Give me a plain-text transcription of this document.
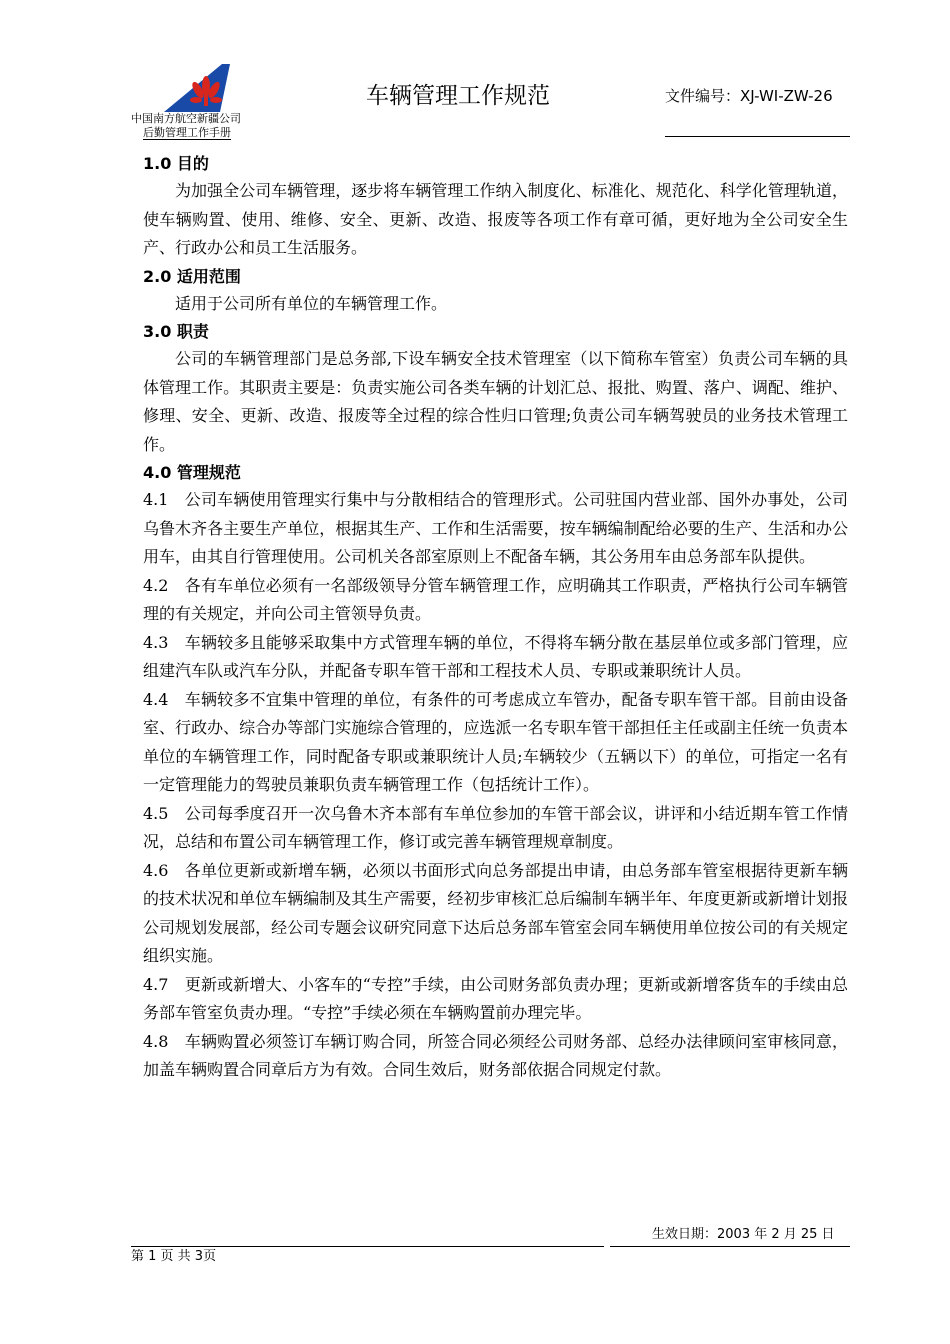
中国南方航空新疆公司
后勤管理工作手册
车辆管理工作规范	文件编号：XJ-WI-ZW-26
1.0 目的

为加强全公司车辆管理，逐步将车辆管理工作纳入制度化、标准化、规范化、科学化管理轨道，使车辆购置、使用、维修、安全、更新、改造、报废等各项工作有章可循，更好地为全公司安全生产、行政办公和员工生活服务。

2.0 适用范围

适用于公司所有单位的车辆管理工作。

3.0 职责

公司的车辆管理部门是总务部,下设车辆安全技术管理室（以下简称车管室）负责公司车辆的具体管理工作。其职责主要是：负责实施公司各类车辆的计划汇总、报批、购置、落户、调配、维护、修理、安全、更新、改造、报废等全过程的综合性归口管理;负责公司车辆驾驶员的业务技术管理工作。

4.0 管理规范

4.1　公司车辆使用管理实行集中与分散相结合的管理形式。公司驻国内营业部、国外办事处，公司乌鲁木齐各主要生产单位，根据其生产、工作和生活需要，按车辆编制配给必要的生产、生活和办公用车，由其自行管理使用。公司机关各部室原则上不配备车辆，其公务用车由总务部车队提供。

4.2　各有车单位必须有一名部级领导分管车辆管理工作，应明确其工作职责，严格执行公司车辆管理的有关规定，并向公司主管领导负责。

4.3　车辆较多且能够采取集中方式管理车辆的单位，不得将车辆分散在基层单位或多部门管理，应组建汽车队或汽车分队，并配备专职车管干部和工程技术人员、专职或兼职统计人员。

4.4　车辆较多不宜集中管理的单位，有条件的可考虑成立车管办，配备专职车管干部。目前由设备室、行政办、综合办等部门实施综合管理的，应选派一名专职车管干部担任主任或副主任统一负责本单位的车辆管理工作，同时配备专职或兼职统计人员;车辆较少（五辆以下）的单位，可指定一名有一定管理能力的驾驶员兼职负责车辆管理工作（包括统计工作）。

4.5　公司每季度召开一次乌鲁木齐本部有车单位参加的车管干部会议，讲评和小结近期车管工作情况，总结和布置公司车辆管理工作，修订或完善车辆管理规章制度。

4.6　各单位更新或新增车辆，必须以书面形式向总务部提出申请，由总务部车管室根据待更新车辆的技术状况和单位车辆编制及其生产需要，经初步审核汇总后编制车辆半年、年度更新或新增计划报公司规划发展部，经公司专题会议研究同意下达后总务部车管室会同车辆使用单位按公司的有关规定组织实施。

4.7　更新或新增大、小客车的“专控”手续，由公司财务部负责办理；更新或新增客货车的手续由总务部车管室负责办理。“专控”手续必须在车辆购置前办理完毕。

4.8　车辆购置必须签订车辆订购合同，所签合同必须经公司财务部、总经办法律顾问室审核同意，加盖车辆购置合同章后方为有效。合同生效后，财务部依据合同规定付款。

生效日期：2003 年 2 月 25 日
第 1 页 共 3页
